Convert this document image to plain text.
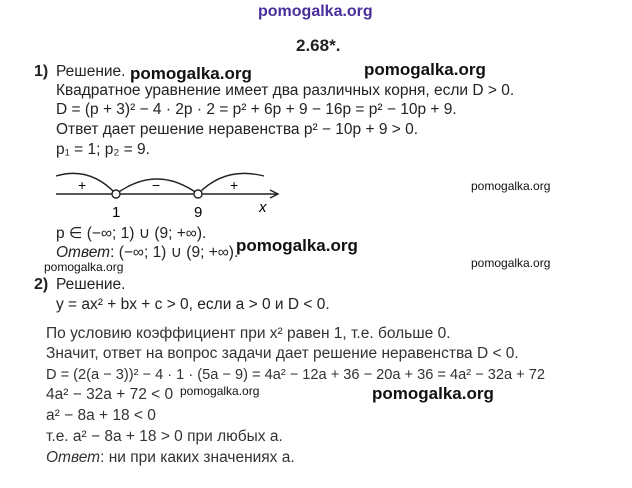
pomogalka.org
2.68*.
1) Решение.
Квадратное уравнение имеет два различных корня, если D > 0.
D = (p + 3)² − 4 · 2p · 2 = p² + 6p + 9 − 16p = p² − 10p + 9.
Ответ дает решение неравенства p² − 10p + 9 > 0.
p₁ = 1; p₂ = 9.
+	−	+
1	9	x
p ∈ (−∞; 1) ∪ (9; +∞).
Ответ: (−∞; 1) ∪ (9; +∞).
2) Решение.
y = ax² + bx + c > 0, если a > 0 и D < 0.
По условию коэффициент при x² равен 1, т.е. больше 0.
Значит, ответ на вопрос задачи дает решение неравенства D < 0.
D = (2(a − 3))² − 4 · 1 · (5a − 9) = 4a² − 12a + 36 − 20a + 36 = 4a² − 32a + 72
4a² − 32a + 72 < 0
a² − 8a + 18 < 0
т.е. a² − 8a + 18 > 0 при любых a.
Ответ: ни при каких значениях a.
pomogalka.org	pomogalka.org
pomogalka.org
pomogalka.org
pomogalka.org
pomogalka.org
pomogalka.org	pomogalka.org
